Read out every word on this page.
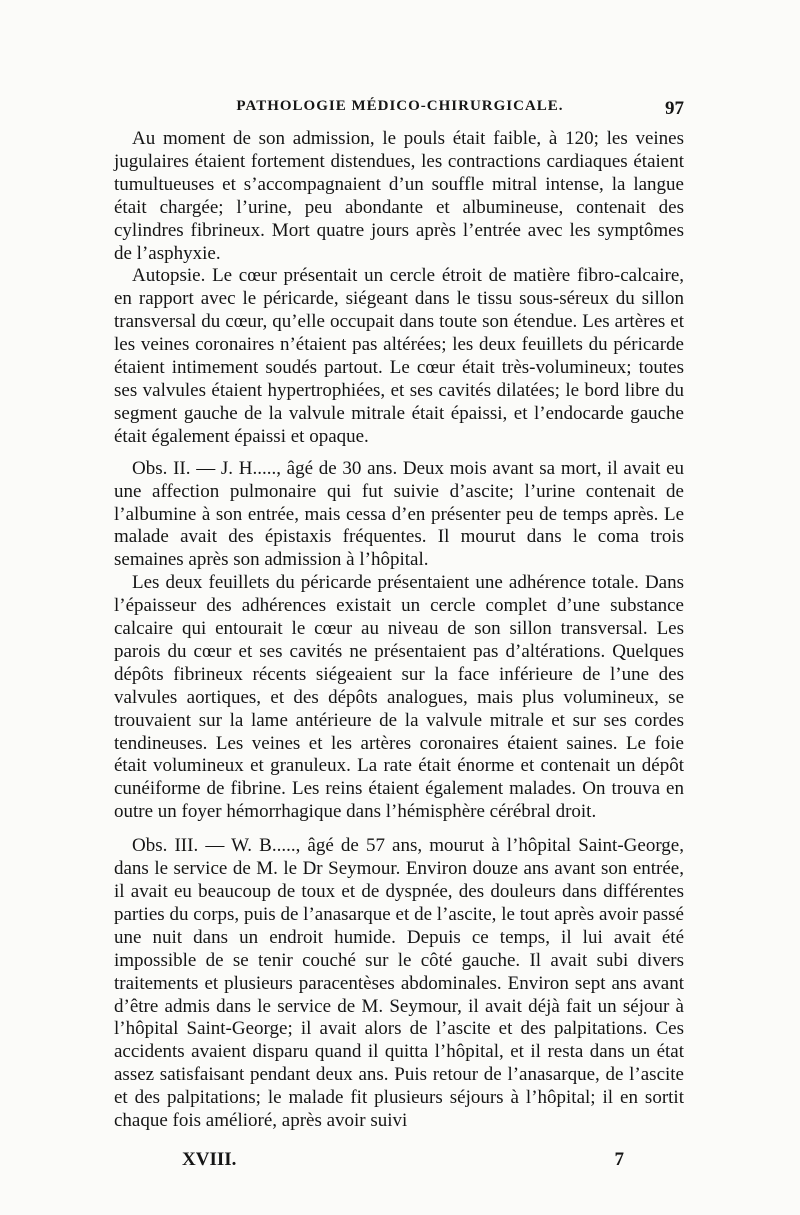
PATHOLOGIE MÉDICO-CHIRURGICALE.	97

Au moment de son admission, le pouls était faible, à 120; les veines jugulaires étaient fortement distendues, les contractions cardiaques étaient tumultueuses et s’accompagnaient d’un souffle mitral intense, la langue était chargée; l’urine, peu abondante et albumineuse, contenait des cylindres fibrineux. Mort quatre jours après l’entrée avec les symptômes de l’asphyxie.

Autopsie. Le cœur présentait un cercle étroit de matière fibro-calcaire, en rapport avec le péricarde, siégeant dans le tissu sous-séreux du sillon transversal du cœur, qu’elle occupait dans toute son étendue. Les artères et les veines coronaires n’étaient pas altérées; les deux feuillets du péricarde étaient intimement soudés partout. Le cœur était très-volumineux; toutes ses valvules étaient hypertrophiées, et ses cavités dilatées; le bord libre du segment gauche de la valvule mitrale était épaissi, et l’endocarde gauche était également épaissi et opaque.

Obs. II. — J. H....., âgé de 30 ans. Deux mois avant sa mort, il avait eu une affection pulmonaire qui fut suivie d’ascite; l’urine contenait de l’albumine à son entrée, mais cessa d’en présenter peu de temps après. Le malade avait des épistaxis fréquentes. Il mourut dans le coma trois semaines après son admission à l’hôpital.

Les deux feuillets du péricarde présentaient une adhérence totale. Dans l’épaisseur des adhérences existait un cercle complet d’une substance calcaire qui entourait le cœur au niveau de son sillon transversal. Les parois du cœur et ses cavités ne présentaient pas d’altérations. Quelques dépôts fibrineux récents siégeaient sur la face inférieure de l’une des valvules aortiques, et des dépôts analogues, mais plus volumineux, se trouvaient sur la lame antérieure de la valvule mitrale et sur ses cordes tendineuses. Les veines et les artères coronaires étaient saines. Le foie était volumineux et granuleux. La rate était énorme et contenait un dépôt cunéiforme de fibrine. Les reins étaient également malades. On trouva en outre un foyer hémorrhagique dans l’hémisphère cérébral droit.

Obs. III. — W. B....., âgé de 57 ans, mourut à l’hôpital Saint-George, dans le service de M. le Dr Seymour. Environ douze ans avant son entrée, il avait eu beaucoup de toux et de dyspnée, des douleurs dans différentes parties du corps, puis de l’anasarque et de l’ascite, le tout après avoir passé une nuit dans un endroit humide. Depuis ce temps, il lui avait été impossible de se tenir couché sur le côté gauche. Il avait subi divers traitements et plusieurs paracentèses abdominales. Environ sept ans avant d’être admis dans le service de M. Seymour, il avait déjà fait un séjour à l’hôpital Saint-George; il avait alors de l’ascite et des palpitations. Ces accidents avaient disparu quand il quitta l’hôpital, et il resta dans un état assez satisfaisant pendant deux ans. Puis retour de l’anasarque, de l’ascite et des palpitations; le malade fit plusieurs séjours à l’hôpital; il en sortit chaque fois amélioré, après avoir suivi

XVIII.	7
